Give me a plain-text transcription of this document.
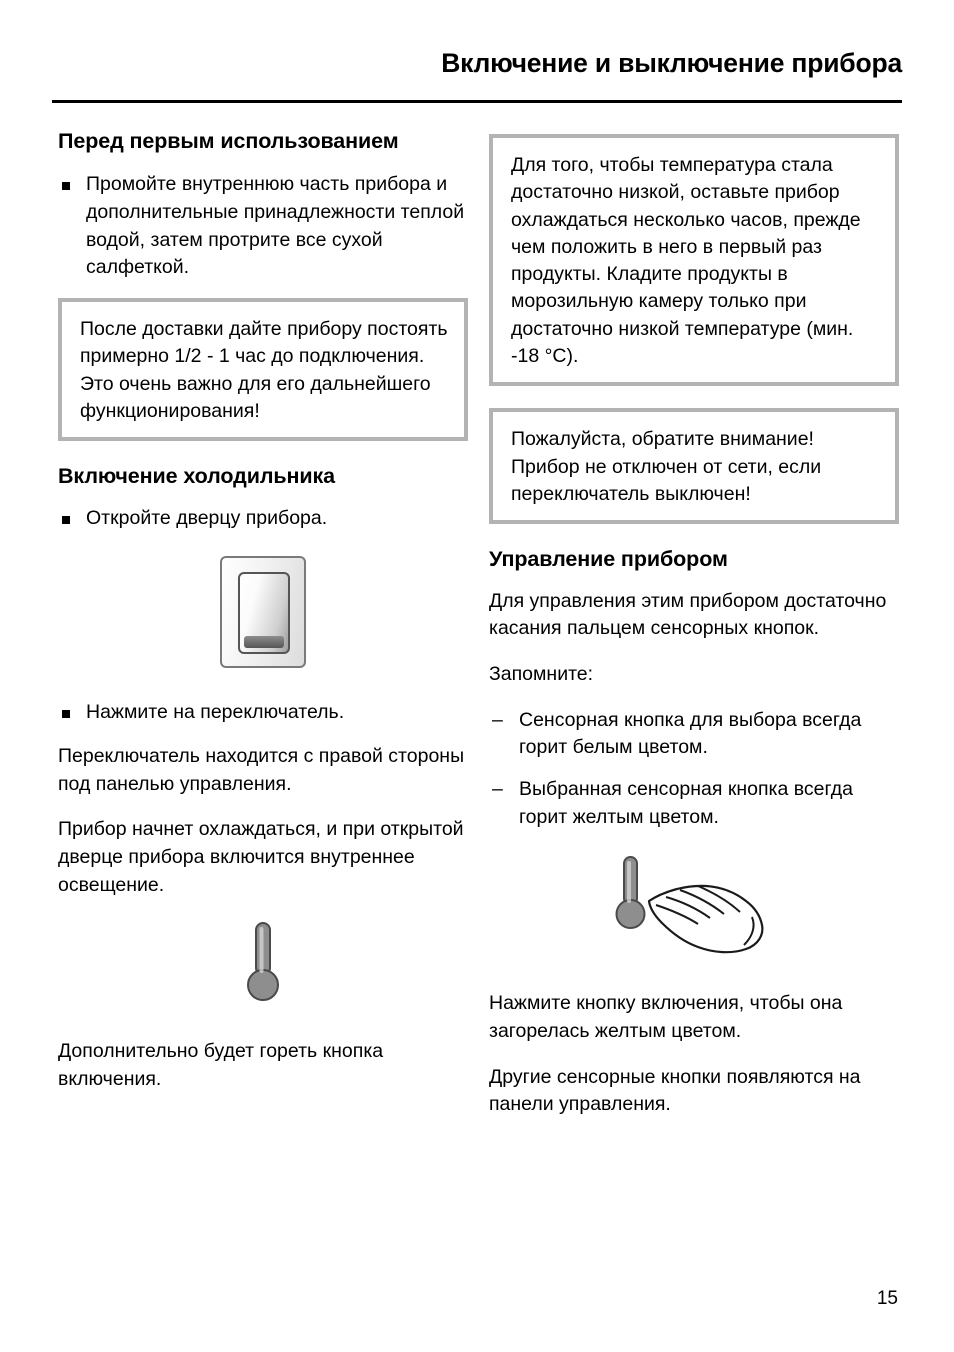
Включение и выключение прибора
Перед первым использованием
Промойте внутреннюю часть прибора и дополнительные принадлежности теплой водой, затем протрите все сухой салфеткой.

После доставки дайте прибору постоять примерно 1/2 - 1 час до подключения. Это очень важно для его дальнейшего функционирования!

Включение холодильника
Откройте дверцу прибора.
Нажмите на переключатель.

Переключатель находится с правой стороны под панелью управления.

Прибор начнет охлаждаться, и при открытой дверце прибора включится внутреннее освещение.

Дополнительно будет гореть кнопка включения.

Для того, чтобы температура стала достаточно низкой, оставьте прибор охлаждаться несколько часов, прежде чем положить в него в первый раз продукты. Кладите продукты в морозильную камеру только при достаточно низкой температуре (мин. -18 °C).

Пожалуйста, обратите внимание! Прибор не отключен от сети, если переключатель выключен!

Управление прибором

Для управления этим прибором достаточно касания пальцем сенсорных кнопок.

Запомните:

– Сенсорная кнопка для выбора всегда горит белым цветом.
– Выбранная сенсорная кнопка всегда горит желтым цветом.

Нажмите кнопку включения, чтобы она загорелась желтым цветом.

Другие сенсорные кнопки появляются на панели управления.

15
